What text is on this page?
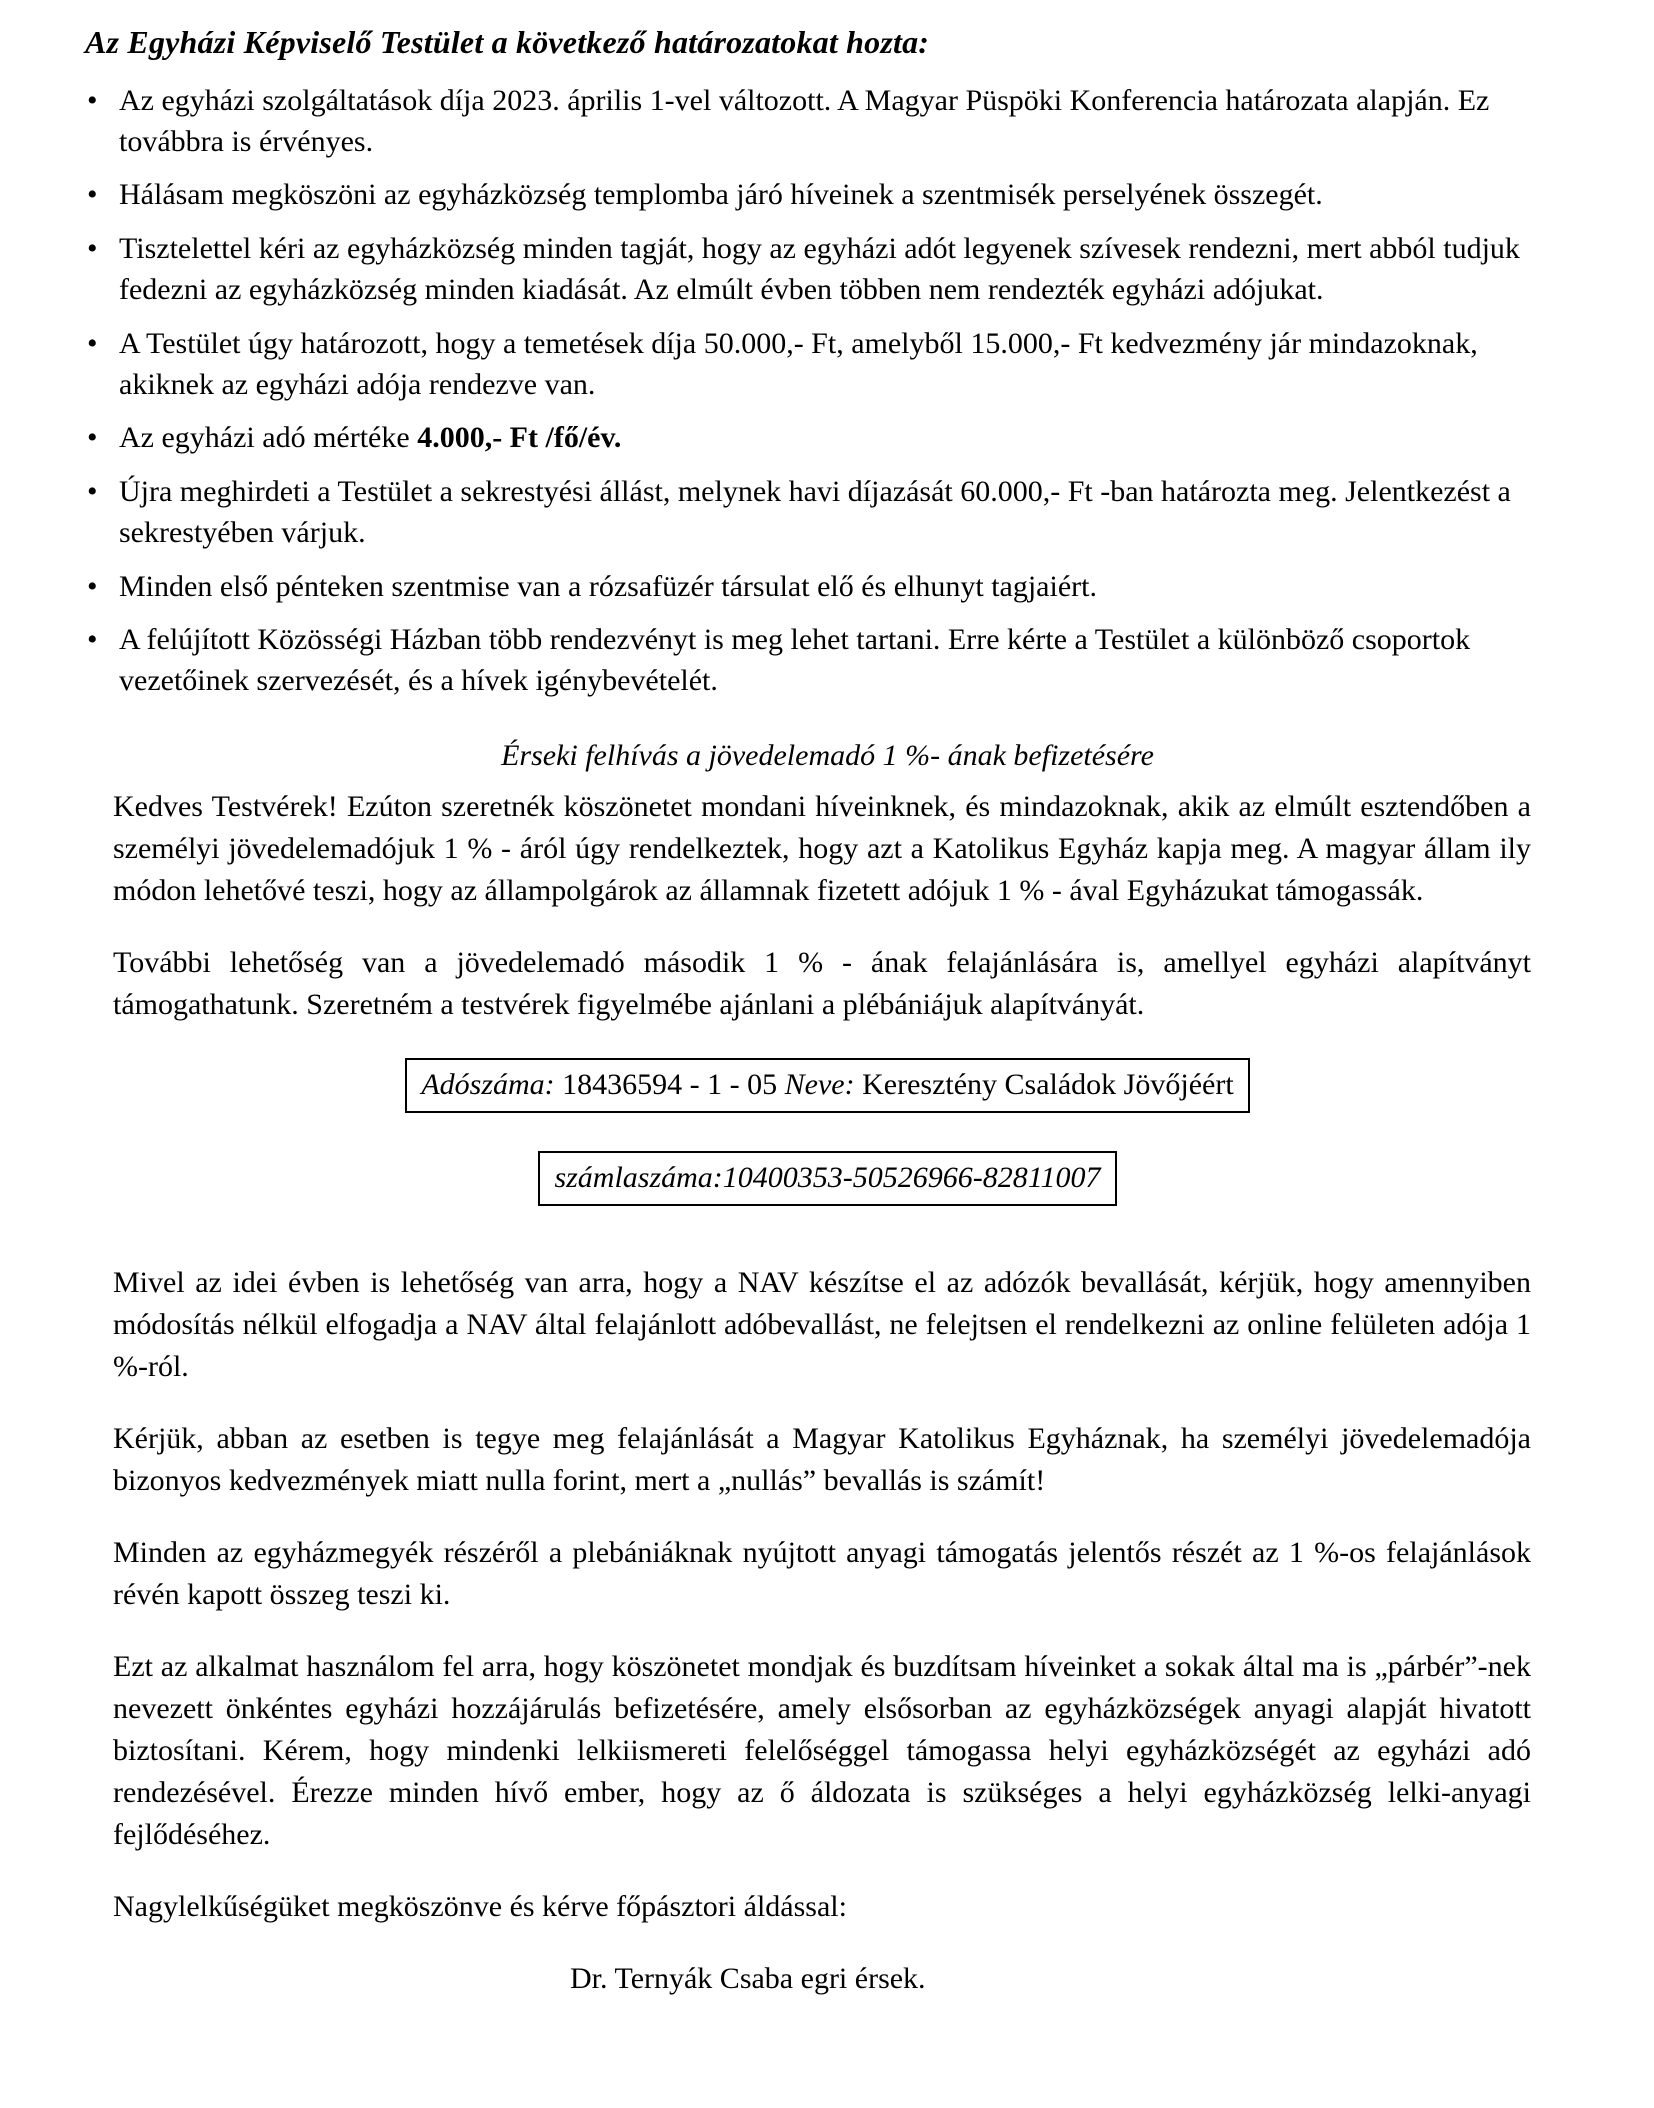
Az Egyházi Képviselő Testület a következő határozatokat hozta:
• Az egyházi szolgáltatások díja 2023. április 1-vel változott. A Magyar Püspöki Konferencia határozata alapján. Ez továbbra is érvényes.
• Hálásam megköszöni az egyházközség templomba járó híveinek a szentmisék perselyének összegét.
• Tisztelettel kéri az egyházközség minden tagját, hogy az egyházi adót legyenek szívesek rendezni, mert abból tudjuk fedezni az egyházközség minden kiadását. Az elmúlt évben többen nem rendezték egyházi adójukat.
• A Testület úgy határozott, hogy a temetések díja 50.000,- Ft, amelyből 15.000,- Ft kedvezmény jár mindazoknak, akiknek az egyházi adója rendezve van.
• Az egyházi adó mértéke 4.000,- Ft /fő/év.
• Újra meghirdeti a Testület a sekrestyési állást, melynek havi díjazását 60.000,- Ft -ban határozta meg. Jelentkezést a sekrestyében várjuk.
• Minden első pénteken szentmise van a rózsafüzér társulat elő és elhunyt tagjaiért.
• A felújított Közösségi Házban több rendezvényt is meg lehet tartani. Erre kérte a Testület a különböző csoportok vezetőinek szervezését, és a hívek igénybevételét.
Érseki felhívás a jövedelemadó 1 %- ának befizetésére

Kedves Testvérek! Ezúton szeretnék köszönetet mondani híveinknek, és mindazoknak, akik az elmúlt esztendőben a személyi jövedelemadójuk 1 % - áról úgy rendelkeztek, hogy azt a Katolikus Egyház kapja meg. A magyar állam ily módon lehetővé teszi, hogy az állampolgárok az államnak fizetett adójuk 1 % - ával Egyházukat támogassák.

További lehetőség van a jövedelemadó második 1 % - ának felajánlására is, amellyel egyházi alapítványt támogathatunk. Szeretném a testvérek figyelmébe ajánlani a plébániájuk alapítványát.

Adószáma: 18436594 - 1 - 05 Neve: Keresztény Családok Jövőjéért
számlaszáma:10400353-50526966-82811007

Mivel az idei évben is lehetőség van arra, hogy a NAV készítse el az adózók bevallását, kérjük, hogy amennyiben módosítás nélkül elfogadja a NAV által felajánlott adóbevallást, ne felejtsen el rendelkezni az online felületen adója 1 %-ról.

Kérjük, abban az esetben is tegye meg felajánlását a Magyar Katolikus Egyháznak, ha személyi jövedelemadója bizonyos kedvezmények miatt nulla forint, mert a „nullás” bevallás is számít!

Minden az egyházmegyék részéről a plebániáknak nyújtott anyagi támogatás jelentős részét az 1 %-os felajánlások révén kapott összeg teszi ki.

Ezt az alkalmat használom fel arra, hogy köszönetet mondjak és buzdítsam híveinket a sokak által ma is „párbér”-nek nevezett önkéntes egyházi hozzájárulás befizetésére, amely elsősorban az egyházközségek anyagi alapját hivatott biztosítani. Kérem, hogy mindenki lelkiismereti felelőséggel támogassa helyi egyházközségét az egyházi adó rendezésével. Érezze minden hívő ember, hogy az ő áldozata is szükséges a helyi egyházközség lelki-anyagi fejlődéséhez.

Nagylelkűségüket megköszönve és kérve főpásztori áldással:

Dr. Ternyák Csaba egri érsek.
